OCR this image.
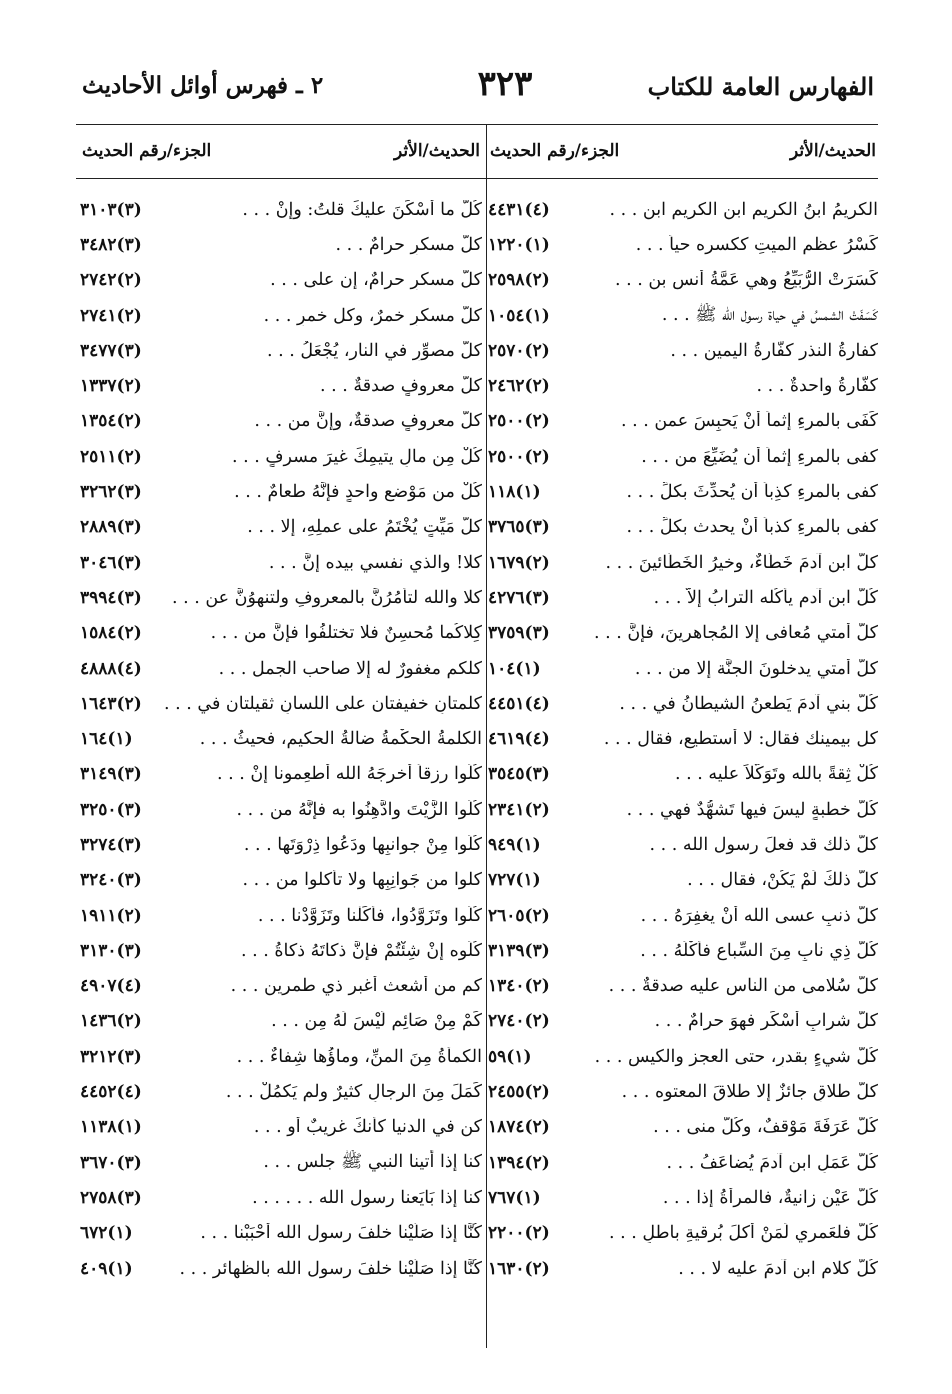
الفهارس العامة للكتاب
٣٢٣
٢ ـ فهرس أوائل الأحاديث
الحديث/الأثر
الجزء/رقم الحديث
الكريمُ ابنُ الكريمِ ابن الكريم ابن . . .
(٤)٤٤٣١
كَسْرُ عظمِ الميتِ ككسره حياً . . .
(١)١٢٢٠
كَسَرَتْ الرُّبَيِّعُ وهي عَمَّةُ أنس بن . . .
(٢)٢٥٩٨
كَسَفَتْ الشمسُ في حياة رسول الله ﷺ . . .
(١)١٠٥٤
كفارةُ النذرِ كفَّارةُ اليمينِ . . .
(٢)٢٥٧٠
كفَّارةُ واحدةٌ . . .
(٢)٢٤٦٢
كَفَى بالمرءِ إثماً أنْ يَحبِسَ عمن . . .
(٢)٢٥٠٠
كفى بالمرءِ إثماً أن يُضَيِّعَ من . . .
(٢)٢٥٠٠
كفى بالمرءِ كذِباً أن يُحدِّثَ بكلِّ . . .
(١)١١٨
كفى بالمرءِ كذباً أنْ يحدث بكلِّ . . .
(٣)٣٧٦٥
كلُّ ابنِ آدمَ خَطَّاءٌ، وخيرُ الخَطَّائينَ . . .
(٢)١٦٧٩
كُلُّ ابن آدم يأكُله الترابُ إلاَّ . . .
(٣)٤٢٧٦
كلُّ أُمتي مُعافى إلا المُجاهرينَ، فإنَّ . . .
(٣)٣٧٥٩
كلُّ أمتي يدخلونَ الجنَّة إلا من . . .
(١)١٠٤
كُلُّ بني آدمَ يَطعنُ الشيطانُ في . . .
(٤)٤٤٥١
كل بيمينك فقال: لا أستطيع، فقال . . .
(٤)٤٦١٩
كُلْ ثِقةً بالله وتَوَكُّلاً عليه . . .
(٣)٣٥٤٥
كُلُّ خطبةٍ ليسَ فيها تَشهُّدٌ فهي . . .
(٢)٢٣٤١
كلُّ ذلك قد فعلَ رسول الله . . .
(١)٩٤٩
كلُّ ذلكَ لَمْ يَكُنْ، فقال . . .
(١)٧٢٧
كلُّ ذنبٍ عسى الله أنْ يغفِرَهُ . . .
(٢)٢٦٠٥
كُلُّ ذِي نابٍ مِنَ السِّباعِ فأكْلُهُ . . .
(٣)٣١٣٩
كلُّ سُلامى من الناسِ عليه صدقةٌ . . .
(٢)١٣٤٠
كلُّ شرابٍ أسْكَر فهوَ حرامٌ . . .
(٢)٢٧٤٠
كُلُّ شيءٍ بقدرٍ، حتى العجزِ والكيس . . .
(١)٥٩
كلُّ طلاقٍ جائزٌ إلا طلاقَ المعتوه . . .
(٢)٢٤٥٥
كُلُّ عَرَفَةَ مَوْقفٌ، وكُلُّ منى . . .
(٢)١٨٧٤
كُلُّ عَمَلِ ابنِ آدمَ يُضاعَفُ . . .
(٢)١٣٩٤
كُلُّ عَيْنٍ زانيةٌ، فالمرأةُ إذا . . .
(١)٧٦٧
كُلُّ فلعَمري لَمَنْ أكلَ بُرقيةِ باطلٍ . . .
(٢)٢٢٠٠
كُلُّ كلامِ ابنِ آدمَ عليه لا . . .
(٢)١٦٣٠
الحديث/الأثر
الجزء/رقم الحديث
كُلُّ ما أَسْكَنَ عليكَ قلتُ: وإنْ . . .
(٣)٣١٠٣
كلُّ مسكرٍ حرامٌ . . .
(٣)٣٤٨٢
كلُّ مسكرٍ حرامٌ، إن على . . .
(٢)٢٧٤٢
كلُّ مسكرٍ خمرٌ، وكل خمرٍ . . .
(٢)٢٧٤١
كلُّ مصوِّرٍ في النارِ، يُجْعَلُ . . .
(٣)٣٤٧٧
كلُّ معروفٍ صدقةٌ . . .
(٢)١٣٣٧
كلُّ معروفٍ صدقةٌ، وإنَّ من . . .
(٢)١٣٥٤
كُلْ مِن مالِ يتيمِكَ غيرَ مسرِفٍ . . .
(٢)٢٥١١
كُلْ من مَوْضعٍ واحدٍ فإنَّهُ طعامٌ . . .
(٣)٣٢٦٢
كلُّ مَيِّتٍ يُخْتَمُ على عملِهِ، إلا . . .
(٣)٢٨٨٩
كلا! والذي نفسي بيده إنَّ . . .
(٣)٣٠٤٦
كلا والله لتأمُرُنَّ بالمعروفِ ولتنهوُنَّ عن . . .
(٣)٣٩٩٤
كِلاكُما مُحسِنٌ فلا تختلفُوا فإنَّ من . . .
(٢)١٥٨٤
كلكم مغفورٌ له إلا صاحب الجمل . . .
(٤)٤٨٨٨
كلمتانِ خفيفتان على اللسانِ ثقيلتان في . . .
(٢)١٦٤٣
الكلمةُ الحكْمةُ ضالةُ الحكيم، فحيثُ . . .
(١)١٦٤
كُلُوا رزقاً أخرجَهُ الله أطعِمونا إنْ . . .
(٣)٣١٤٩
كُلُوا الزَّيْتَ وادَّهِنُوا به فإنَّهُ من . . .
(٣)٣٢٥٠
كُلُوا مِنْ جوانبِها ودَعُوا ذِرْوَتَها . . .
(٣)٣٢٧٤
كلوا من جَوانِبِها ولا تأكلوا من . . .
(٣)٣٢٤٠
كُلُوا وتَزَوَّدُوا، فأكَلْنا وتَزَوَّدْنا . . .
(٢)١٩١١
كُلُوه إنْ شِئْتُمْ فإنَّ ذكاتَهُ ذكاةُ . . .
(٣)٣١٣٠
كم من أشعث أغبر ذي طمرين . . .
(٤)٤٩٠٧
كَمْ مِنْ صَائِمٍ لَيْسَ لَهُ مِن . . .
(٢)١٤٣٦
الكمأةُ مِنَ المنِّ، وماؤُها شِفاءٌ . . .
(٣)٣٢١٢
كَمَلَ مِنَ الرجالِ كثيرٌ ولم يَكمُلْ . . .
(٤)٤٤٥٢
كن في الدنيا كأنكَ غريبٌ أو . . .
(١)١١٣٨
كنا إذا أتينا النبي ﷺ جلس . . .
(٣)٣٦٧٠
كنا إذا بَايَعنا رسول الله . . . . . .
(٣)٢٧٥٨
كُنَّا إذا صَلَّيْنا خلفَ رسول الله أَحْبَبْنا . . .
(١)٦٧٢
كُنَّا إذا صَلَّيْنا خلفَ رسول الله بالظهائر . . .
(١)٤٠٩
